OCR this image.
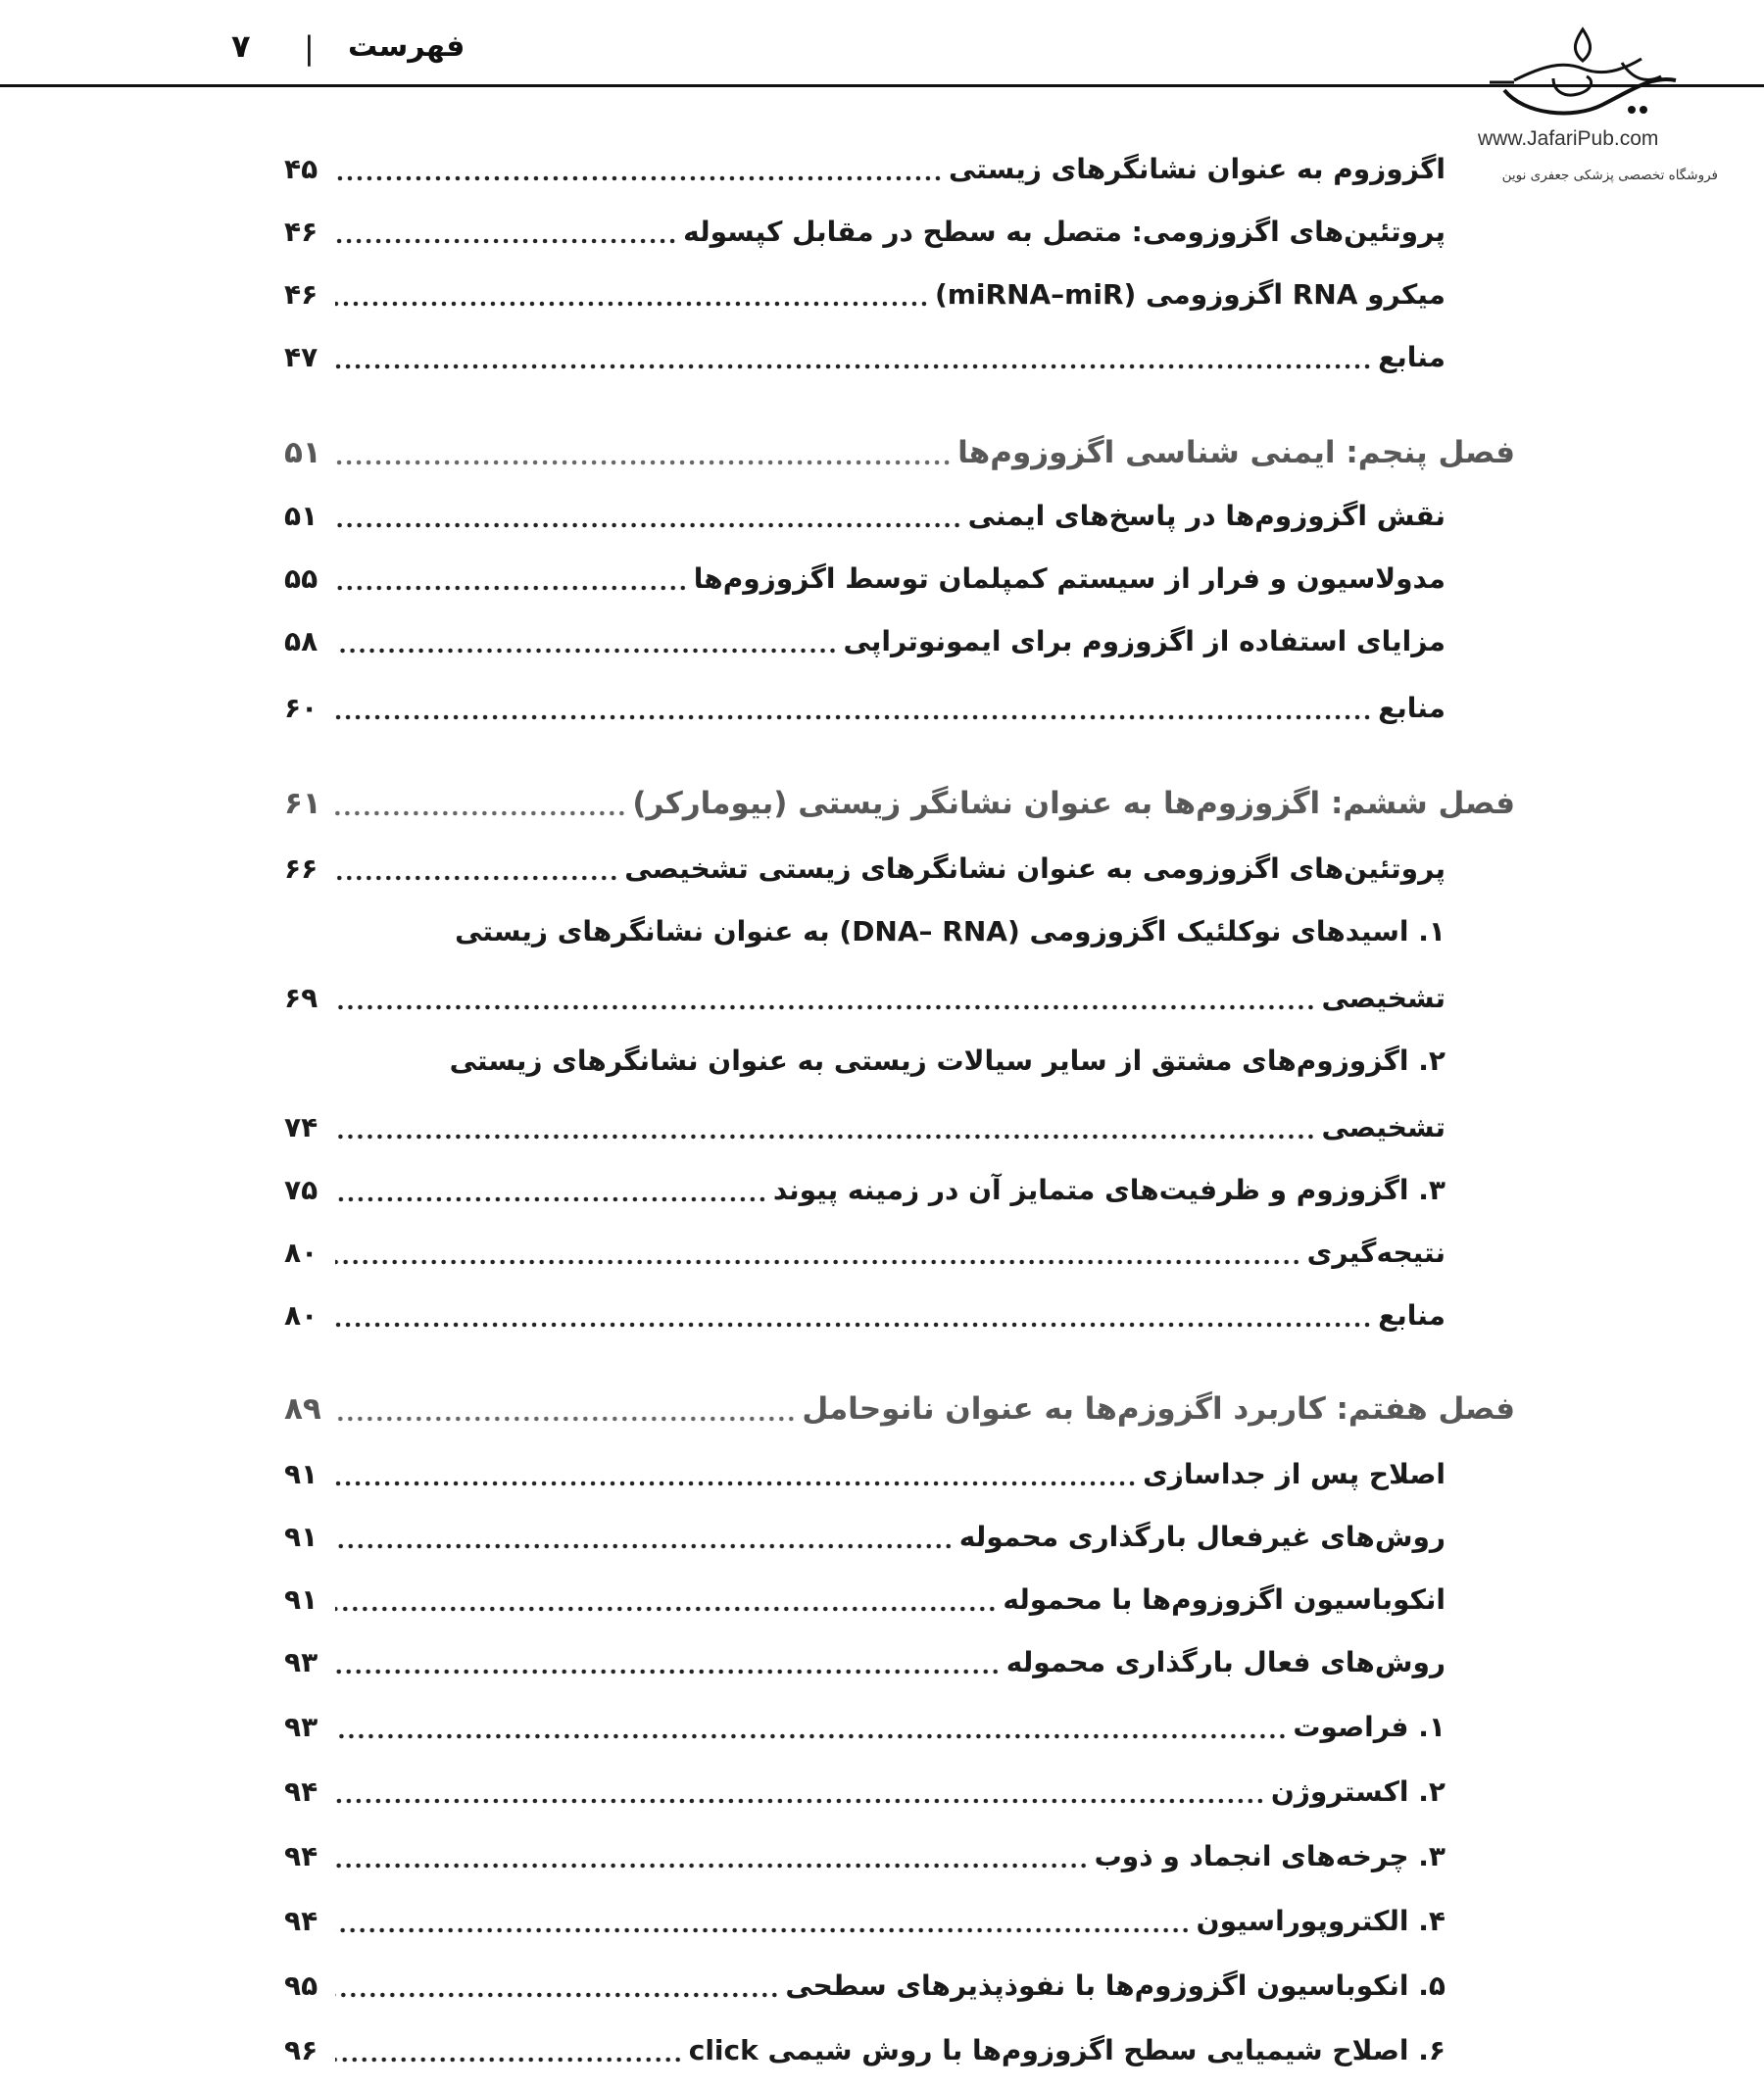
فهرست
|
۷
www.JafariPub.com
فروشگاه تخصصی پزشکی جعفری نوین
۴۵	اگزوزوم به عنوان نشانگرهای زیستی
۴۶	پروتئین‌های اگزوزومی: متصل به سطح در مقابل کپسوله
۴۶	میکرو RNA اگزوزومی (miRNA–miR)
۴۷	منابع
۵۱	فصل پنجم: ایمنی شناسی اگزوزوم‌ها
۵۱	نقش اگزوزوم‌ها در پاسخ‌های ایمنی
۵۵	مدولاسیون و فرار از سیستم کمپلمان توسط اگزوزوم‌ها
۵۸	مزایای استفاده از اگزوزوم برای ایمونوتراپی
۶۰	منابع
۶۱	فصل ششم: اگزوزوم‌ها به عنوان نشانگر زیستی (بیومارکر)
۶۶	پروتئین‌های اگزوزومی به عنوان نشانگرهای زیستی تشخیصی
۱. اسیدهای نوکلئیک اگزوزومی (DNA– RNA) به عنوان نشانگرهای زیستی
۶۹	تشخیصی
۲. اگزوزوم‌های مشتق از سایر سیالات زیستی به عنوان نشانگرهای زیستی
۷۴	تشخیصی
۷۵	۳. اگزوزوم و ظرفیت‌های متمایز آن در زمینه پیوند
۸۰	نتیجه‌گیری
۸۰	منابع
۸۹	فصل هفتم: کاربرد اگزوزم‌ها به عنوان نانوحامل
۹۱	اصلاح پس از جداسازی
۹۱	روش‌های غیرفعال بارگذاری محموله
۹۱	انکوباسیون اگزوزوم‌ها با محموله
۹۳	روش‌های فعال بارگذاری محموله
۹۳	۱. فراصوت
۹۴	۲. اکستروژن
۹۴	۳. چرخه‌های انجماد و ذوب
۹۴	۴. الکتروپوراسیون
۹۵	۵. انکوباسیون اگزوزوم‌ها با نفوذپذیرهای سطحی
۹۶	۶. اصلاح شیمیایی سطح اگزوزوم‌ها با روش شیمی click
